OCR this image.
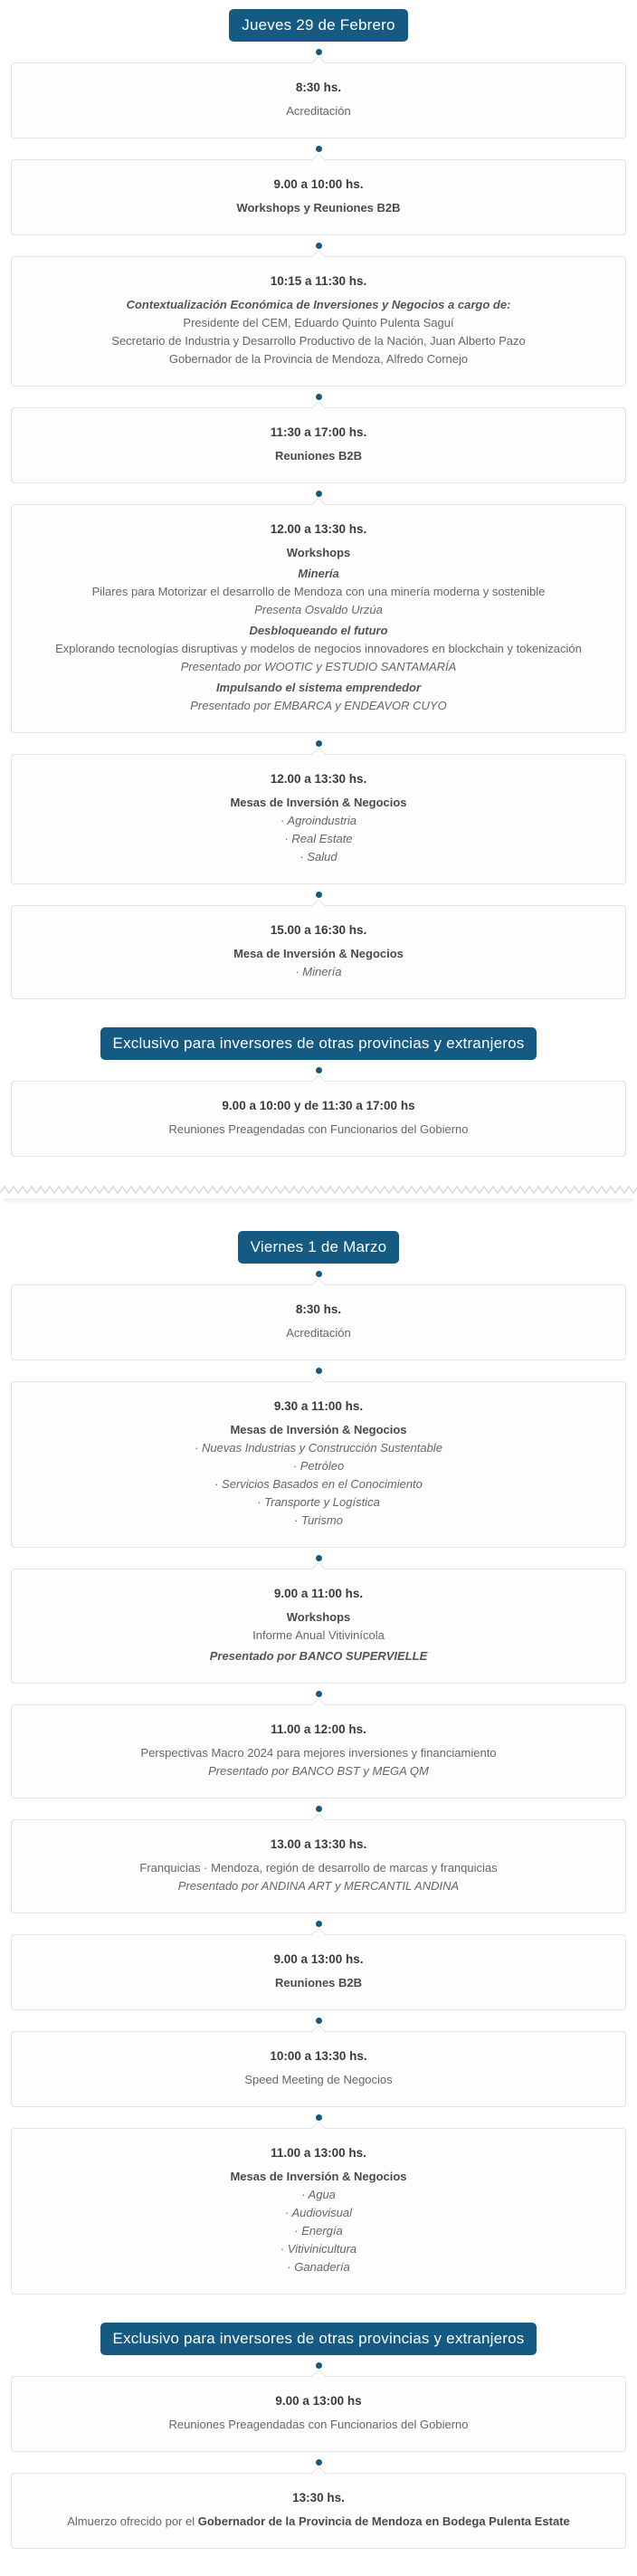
Jueves 29 de Febrero
8:30 hs.
Acreditación
9.00 a 10:00 hs.
Workshops y Reuniones B2B
10:15 a 11:30 hs.
Contextualización Económica de Inversiones y Negocios a cargo de:
Presidente del CEM, Eduardo Quinto Pulenta Saguí
Secretario de Industria y Desarrollo Productivo de la Nación, Juan Alberto Pazo
Gobernador de la Provincia de Mendoza, Alfredo Cornejo
11:30 a 17:00 hs.
Reuniones B2B
12.00 a 13:30 hs.
Workshops
Minería
Pilares para Motorizar el desarrollo de Mendoza con una minería moderna y sostenible
Presenta Osvaldo Urzúa
Desbloqueando el futuro
Explorando tecnologías disruptivas y modelos de negocios innovadores en blockchain y tokenización
Presentado por WOOTIC y ESTUDIO SANTAMARÍA
Impulsando el sistema emprendedor
Presentado por EMBARCA y ENDEAVOR CUYO
12.00 a 13:30 hs.
Mesas de Inversión & Negocios
· Agroindustria
· Real Estate
· Salud
15.00 a 16:30 hs.
Mesa de Inversión & Negocios
· Minería
Exclusivo para inversores de otras provincias y extranjeros
9.00 a 10:00 y de 11:30 a 17:00 hs
Reuniones Preagendadas con Funcionarios del Gobierno
Viernes 1 de Marzo
8:30 hs.
Acreditación
9.30 a 11:00 hs.
Mesas de Inversión & Negocios
· Nuevas Industrias y Construcción Sustentable
· Petróleo
· Servicios Basados en el Conocimiento
· Transporte y Logística
· Turismo
9.00 a 11:00 hs.
Workshops
Informe Anual Vitivinícola
Presentado por BANCO SUPERVIELLE
11.00 a 12:00 hs.
Perspectivas Macro 2024 para mejores inversiones y financiamiento
Presentado por BANCO BST y MEGA QM
13.00 a 13:30 hs.
Franquicias · Mendoza, región de desarrollo de marcas y franquicias
Presentado por ANDINA ART y MERCANTIL ANDINA
9.00 a 13:00 hs.
Reuniones B2B
10:00 a 13:30 hs.
Speed Meeting de Negocios
11.00 a 13:00 hs.
Mesas de Inversión & Negocios
· Agua
· Audiovisual
· Energía
· Vitivinicultura
· Ganadería
Exclusivo para inversores de otras provincias y extranjeros
9.00 a 13:00 hs
Reuniones Preagendadas con Funcionarios del Gobierno
13:30 hs.
Almuerzo ofrecido por el Gobernador de la Provincia de Mendoza en Bodega Pulenta Estate
